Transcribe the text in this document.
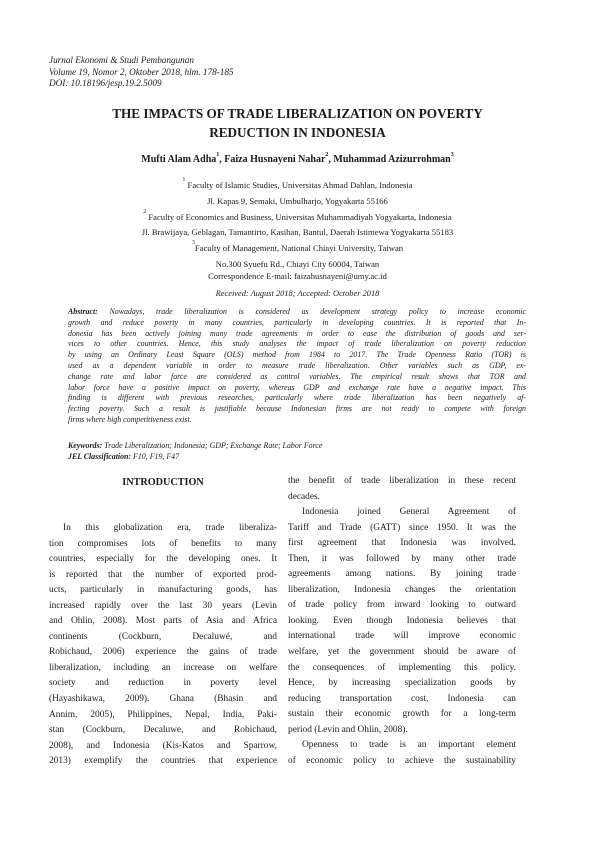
Jurnal Ekonomi & Studi Pembangunan
Volume 19, Nomor 2, Oktober 2018, hlm. 178-185
DOI: 10.18196/jesp.19.2.5009
THE IMPACTS OF TRADE LIBERALIZATION ON POVERTY
REDUCTION IN INDONESIA
Mufti Alam Adha$^1$, Faiza Husnayeni Nahar$^2$, Muhammad Azizurrohman$^3$
$^1$ Faculty of Islamic Studies, Universitas Ahmad Dahlan, Indonesia
Jl. Kapas 9, Semaki, Umbulharjo, Yogyakarta 55166
$^2$ Faculty of Economics and Business, Universitas Muhammadiyah Yogyakarta, Indonesia
Jl. Brawijaya, Geblagan, Tamantirto, Kasihan, Bantul, Daerah Istimewa Yogyakarta 55183
$^3$Faculty of Management, National Chiayi University, Taiwan
No.300 Syuefu Rd., Chiayi City 60004, Taiwan
Correspondence E-mail: faizahusnayeni@umy.ac.id
Received: August 2018; Accepted: October 2018
Abstract: Nowadays, trade liberalization is considered as development strategy policy to increase economic
growth and reduce poverty in many countries, particularly in developing countries. It is reported that In-
donesia has been actively joining many trade agreements in order to ease the distribution of goods and ser-
vices to other countries. Hence, this study analyses the impact of trade liberalization on poverty reduction
by using an Ordinary Least Square (OLS) method from 1984 to 2017. The Trade Openness Ratio (TOR) is
used as a dependent variable in order to measure trade liberalization. Other variables such as GDP, ex-
change rate and labor force are considered as control variables. The empirical result shows that TOR and
labor force have a positive impact on poverty, whereas GDP and exchange rate have a negative impact. This
finding is different with previous researches, particularly where trade liberalization has been negatively af-
fecting poverty. Such a result is justifiable because Indonesian firms are not ready to compete with foreign
firms where high competitiveness exist.
Keywords: Trade Liberalization; Indonesia; GDP; Exchange Rate; Labor Force
JEL Classification: F10, F19, F47
INTRODUCTION
In this globalization era, trade liberaliza-
tion compromises lots of benefits to many
countries, especially for the developing ones. It
is reported that the number of exported prod-
ucts, particularly in manufacturing goods, has
increased rapidly over the last 30 years (Levin
and Ohlin, 2008). Most parts of Asia and Africa
continents (Cockburn, Decaluwé, and
Robichaud, 2006) experience the gains of trade
liberalization, including an increase on welfare
society and reduction in poverty level
(Hayashikawa, 2009). Ghana (Bhasin and
Annim, 2005), Philippines, Nepal, India, Paki-
stan (Cockburn, Decaluwe, and Robichaud,
2008), and Indonesia (Kis-Katos and Sparrow,
2013) exemplify the countries that experience
the benefit of trade liberalization in these recent
decades.
Indonesia joined General Agreement of
Tariff and Trade (GATT) since 1950. It was the
first agreement that Indonesia was involved.
Then, it was followed by many other trade
agreements among nations. By joining trade
liberalization, Indonesia changes the orientation
of trade policy from inward looking to outward
looking. Even though Indonesia believes that
international trade will improve economic
welfare, yet the government should be aware of
the consequences of implementing this policy.
Hence, by increasing specialization goods by
reducing transportation cost, Indonesia can
sustain their economic growth for a long-term
period (Levin and Ohlin, 2008).
Openness to trade is an important element
of economic policy to achieve the sustainability
